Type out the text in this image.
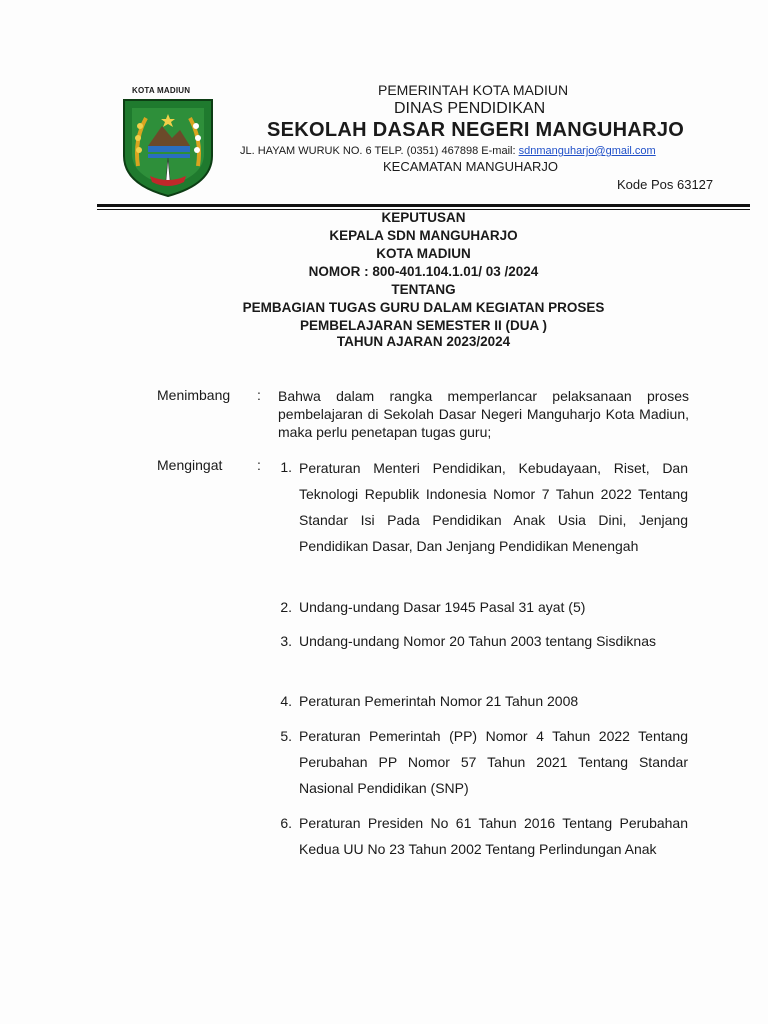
KOTA MADIUN	PEMERINTAH KOTA MADIUN
DINAS PENDIDIKAN
SEKOLAH DASAR NEGERI MANGUHARJO
JL. HAYAM WURUK NO. 6 TELP. (0351) 467898 E-mail: sdnmanguharjo@gmail.com
KECAMATAN MANGUHARJO
Kode Pos 63127
KEPUTUSAN
KEPALA SDN MANGUHARJO
KOTA MADIUN
NOMOR : 800-401.104.1.01/ 03 /2024
TENTANG
PEMBAGIAN TUGAS GURU DALAM KEGIATAN PROSES
PEMBELAJARAN SEMESTER II (DUA )
TAHUN AJARAN 2023/2024
Menimbang : Bahwa dalam rangka memperlancar pelaksanaan proses pembelajaran di Sekolah Dasar Negeri Manguharjo Kota Madiun, maka perlu penetapan tugas guru;
Mengingat :	1. Peraturan Menteri Pendidikan, Kebudayaan, Riset, Dan Teknologi Republik Indonesia Nomor 7 Tahun 2022 Tentang Standar Isi Pada Pendidikan Anak Usia Dini, Jenjang Pendidikan Dasar, Dan Jenjang Pendidikan Menengah
2. Undang-undang Dasar 1945 Pasal 31 ayat (5)
3. Undang-undang Nomor 20 Tahun 2003 tentang Sisdiknas
4. Peraturan Pemerintah Nomor 21 Tahun 2008
5. Peraturan Pemerintah (PP) Nomor 4 Tahun 2022 Tentang Perubahan PP Nomor 57 Tahun 2021 Tentang Standar Nasional Pendidikan (SNP)
6. Peraturan Presiden No 61 Tahun 2016 Tentang Perubahan Kedua UU No 23 Tahun 2002 Tentang Perlindungan Anak
